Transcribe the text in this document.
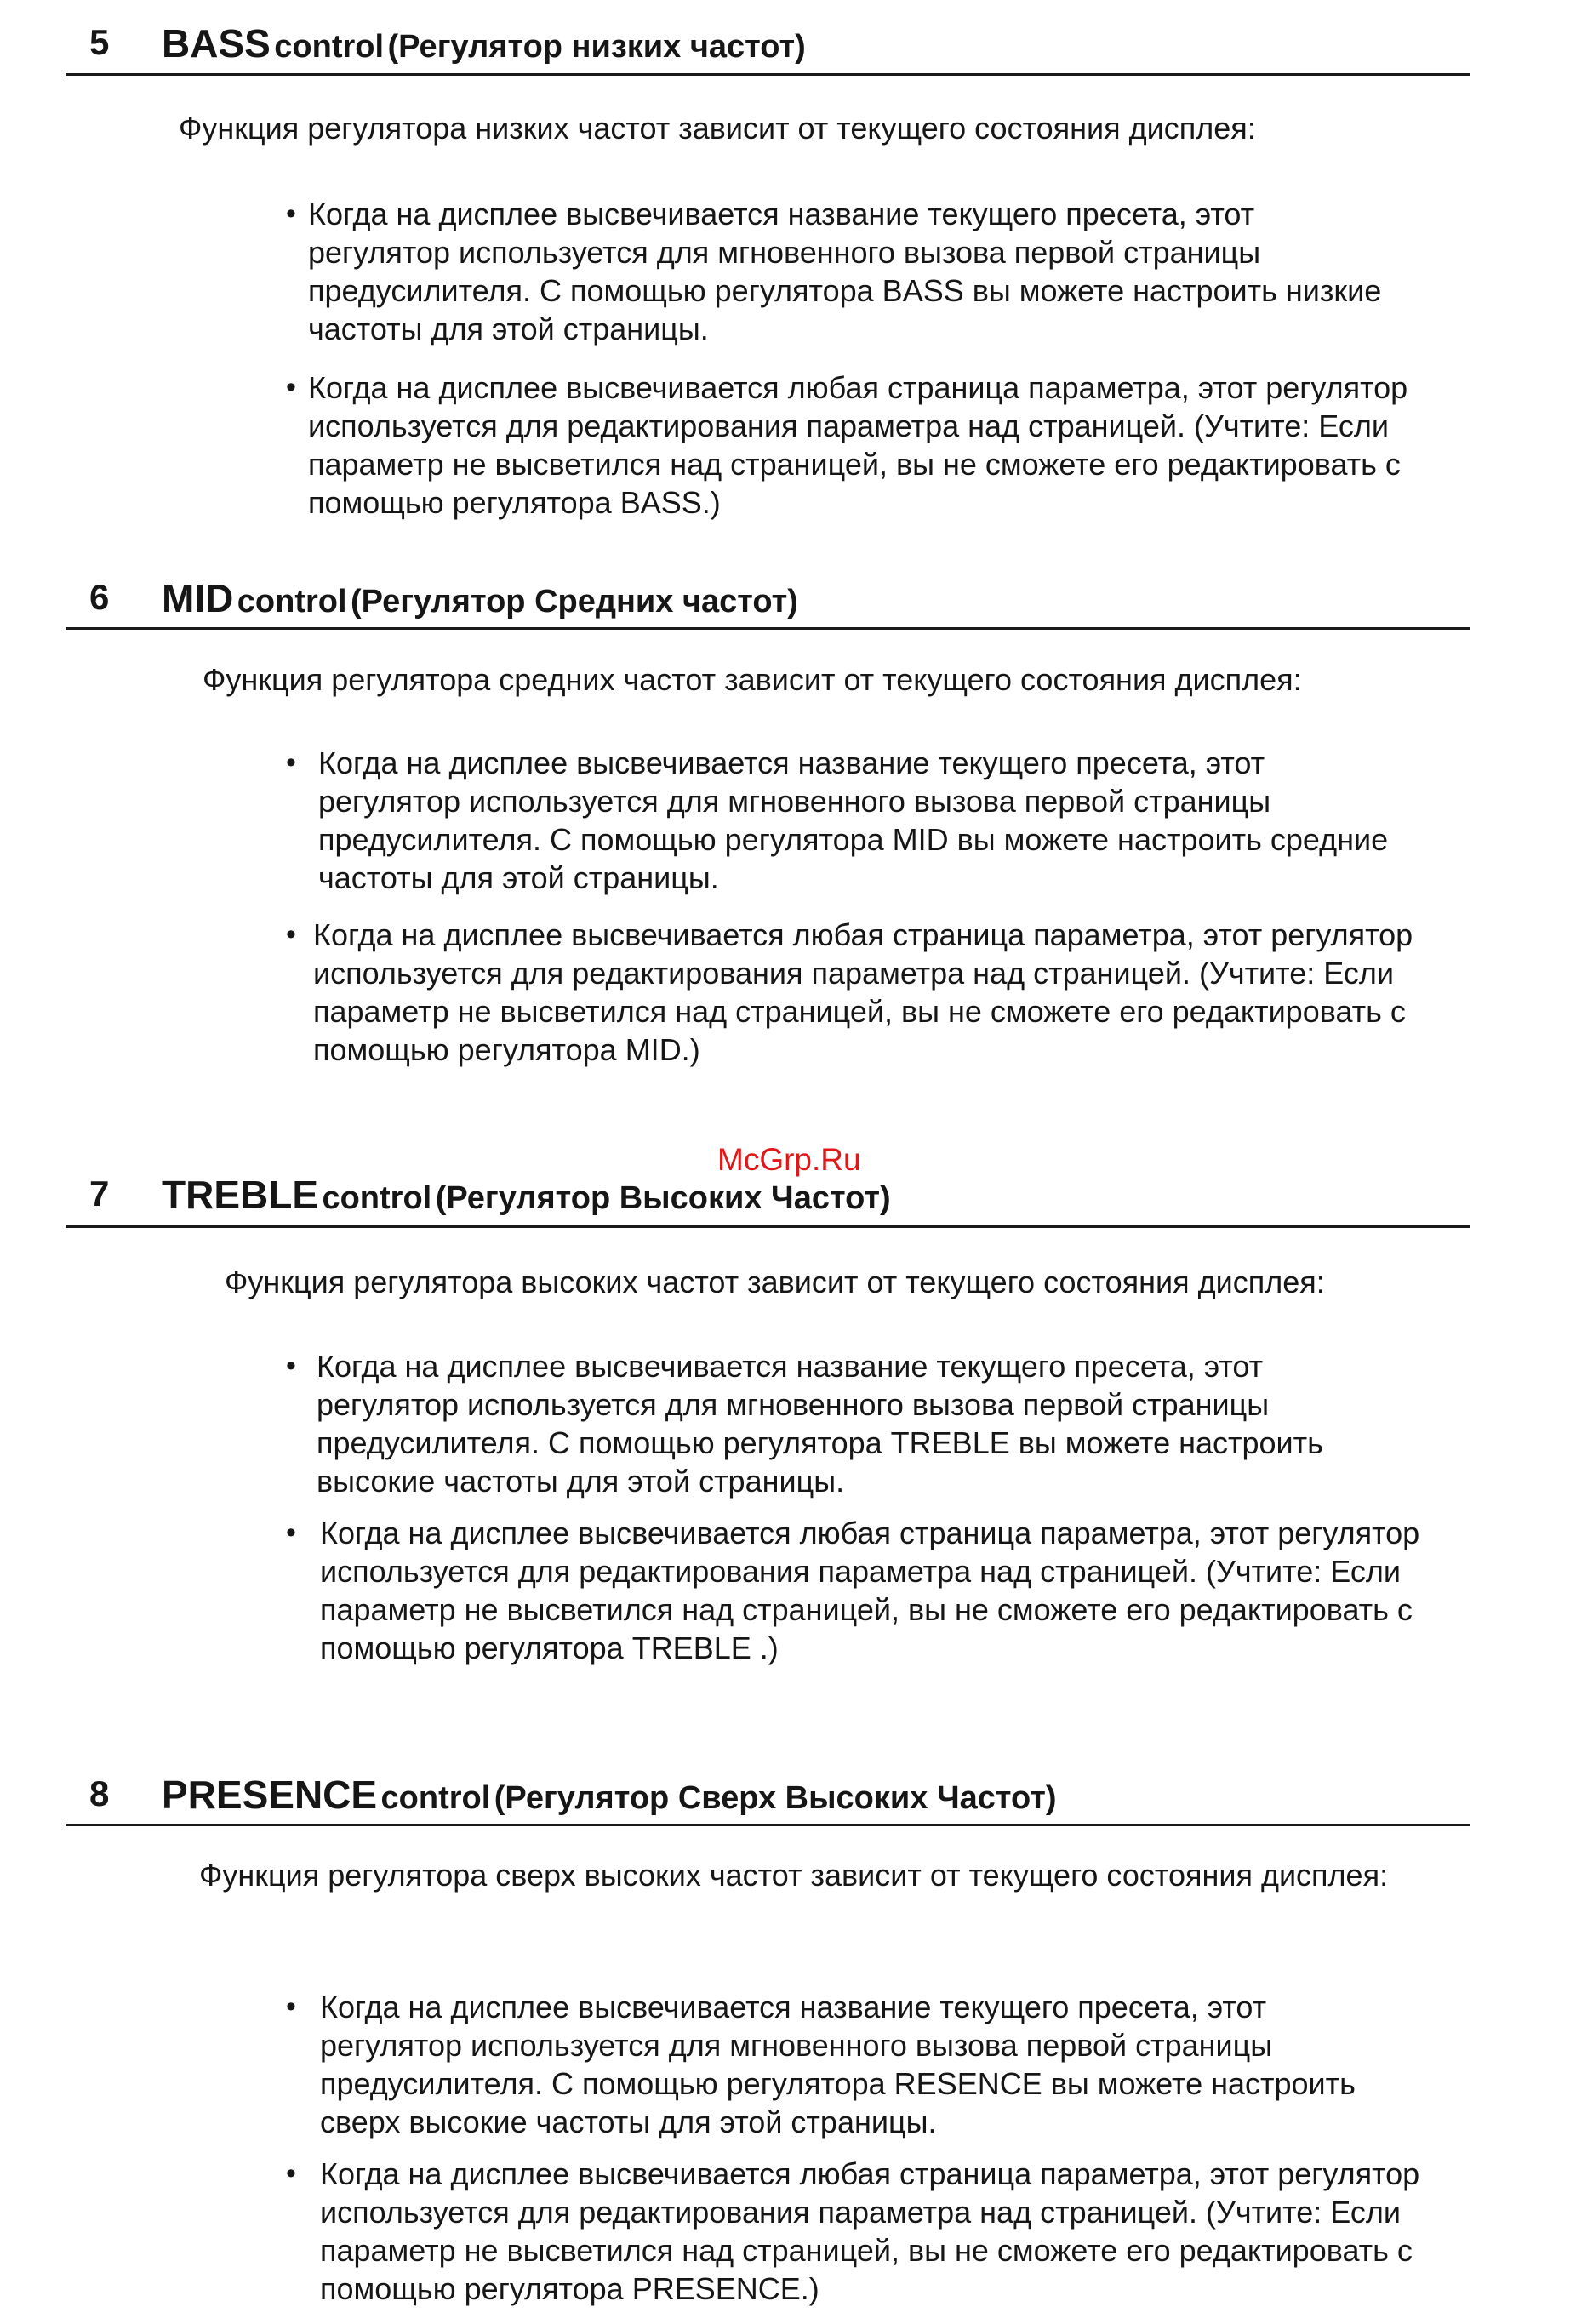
5 BASS control (Регулятор низких частот)
Функция регулятора низких частот зависит от текущего состояния дисплея:
• Когда на дисплее высвечивается название текущего пресета, этот
регулятор используется для мгновенного вызова первой страницы
предусилителя. С помощью регулятора BASS вы можете настроить низкие
частоты для этой страницы.
• Когда на дисплее высвечивается любая страница параметра, этот регулятор
используется для редактирования параметра над страницей. (Учтите: Если
параметр не высветился над страницей, вы не сможете его редактировать с
помощью регулятора BASS.)
6 MID control (Регулятор Средних частот)
Функция регулятора средних частот зависит от текущего состояния дисплея:
• Когда на дисплее высвечивается название текущего пресета, этот
регулятор используется для мгновенного вызова первой страницы
предусилителя. С помощью регулятора MID вы можете настроить средние
частоты для этой страницы.
• Когда на дисплее высвечивается любая страница параметра, этот регулятор
используется для редактирования параметра над страницей. (Учтите: Если
параметр не высветился над страницей, вы не сможете его редактировать с
помощью регулятора MID.)
McGrp.Ru
7 TREBLE control (Регулятор Высоких Частот)
Функция регулятора высоких частот зависит от текущего состояния дисплея:
• Когда на дисплее высвечивается название текущего пресета, этот
регулятор используется для мгновенного вызова первой страницы
предусилителя. С помощью регулятора TREBLE вы можете настроить
высокие частоты для этой страницы.
• Когда на дисплее высвечивается любая страница параметра, этот регулятор
используется для редактирования параметра над страницей. (Учтите: Если
параметр не высветился над страницей, вы не сможете его редактировать с
помощью регулятора TREBLE .)
8 PRESENCE control (Регулятор Сверх Высоких Частот)
Функция регулятора сверх высоких частот зависит от текущего состояния дисплея:
• Когда на дисплее высвечивается название текущего пресета, этот
регулятор используется для мгновенного вызова первой страницы
предусилителя. С помощью регулятора RESENCE вы можете настроить
сверх высокие частоты для этой страницы.
• Когда на дисплее высвечивается любая страница параметра, этот регулятор
используется для редактирования параметра над страницей. (Учтите: Если
параметр не высветился над страницей, вы не сможете его редактировать с
помощью регулятора PRESENCE.)
